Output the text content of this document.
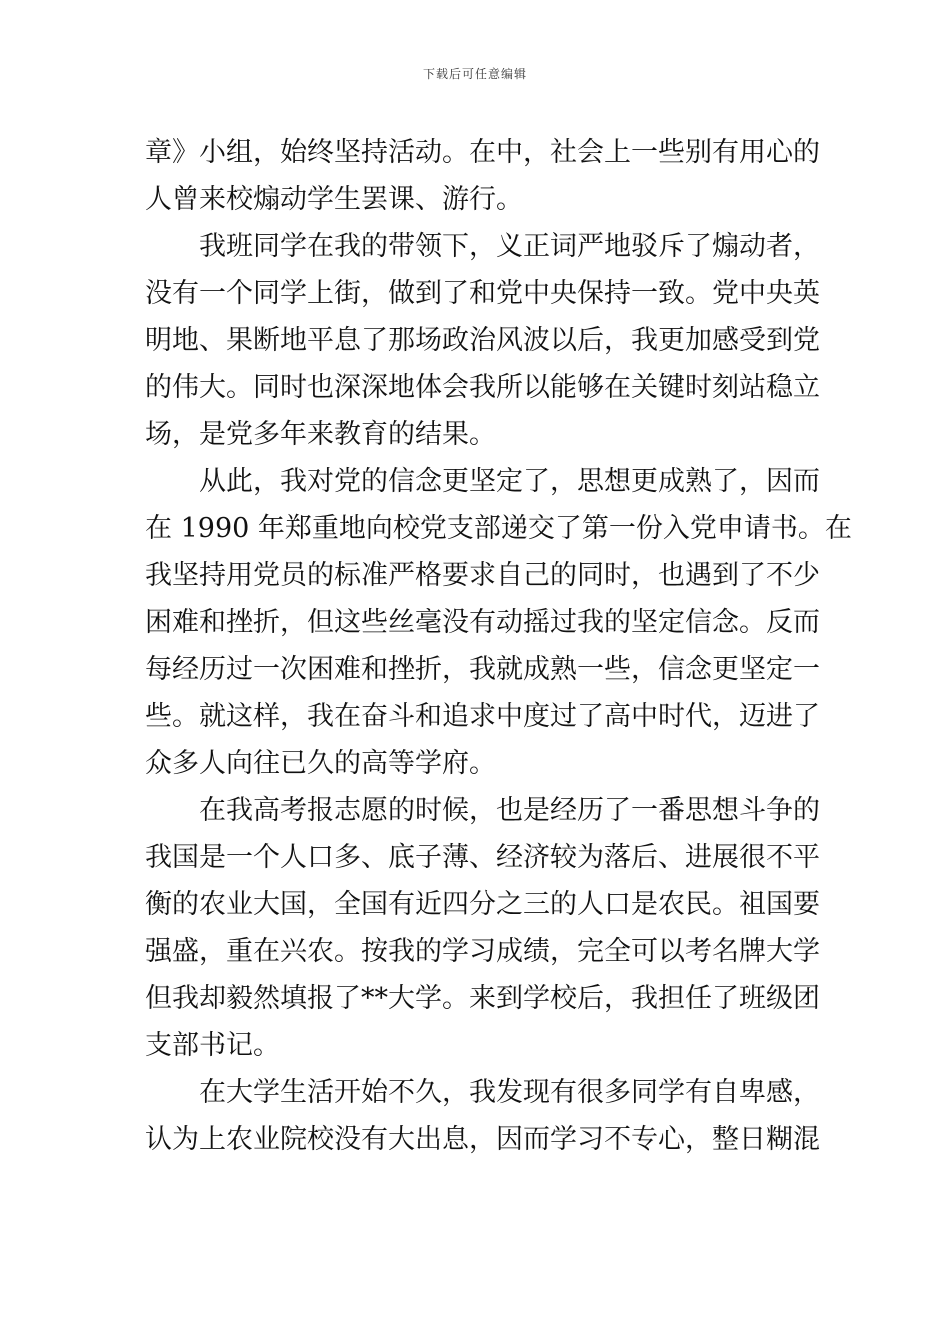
下载后可任意编辑
章》小组，始终坚持活动。在中，社会上一些别有用心的
人曾来校煽动学生罢课、游行。
我班同学在我的带领下，义正词严地驳斥了煽动者，
没有一个同学上街，做到了和党中央保持一致。党中央英
明地、果断地平息了那场政治风波以后，我更加感受到党
的伟大。同时也深深地体会我所以能够在关键时刻站稳立
场，是党多年来教育的结果。
从此，我对党的信念更坚定了，思想更成熟了，因而
在 1990 年郑重地向校党支部递交了第一份入党申请书。在
我坚持用党员的标准严格要求自己的同时，也遇到了不少
困难和挫折，但这些丝毫没有动摇过我的坚定信念。反而
每经历过一次困难和挫折，我就成熟一些，信念更坚定一
些。就这样，我在奋斗和追求中度过了高中时代，迈进了
众多人向往已久的高等学府。
在我高考报志愿的时候，也是经历了一番思想斗争的
我国是一个人口多、底子薄、经济较为落后、进展很不平
衡的农业大国，全国有近四分之三的人口是农民。祖国要
强盛，重在兴农。按我的学习成绩，完全可以考名牌大学
但我却毅然填报了**大学。来到学校后，我担任了班级团
支部书记。
在大学生活开始不久，我发现有很多同学有自卑感，
认为上农业院校没有大出息，因而学习不专心，整日糊混
